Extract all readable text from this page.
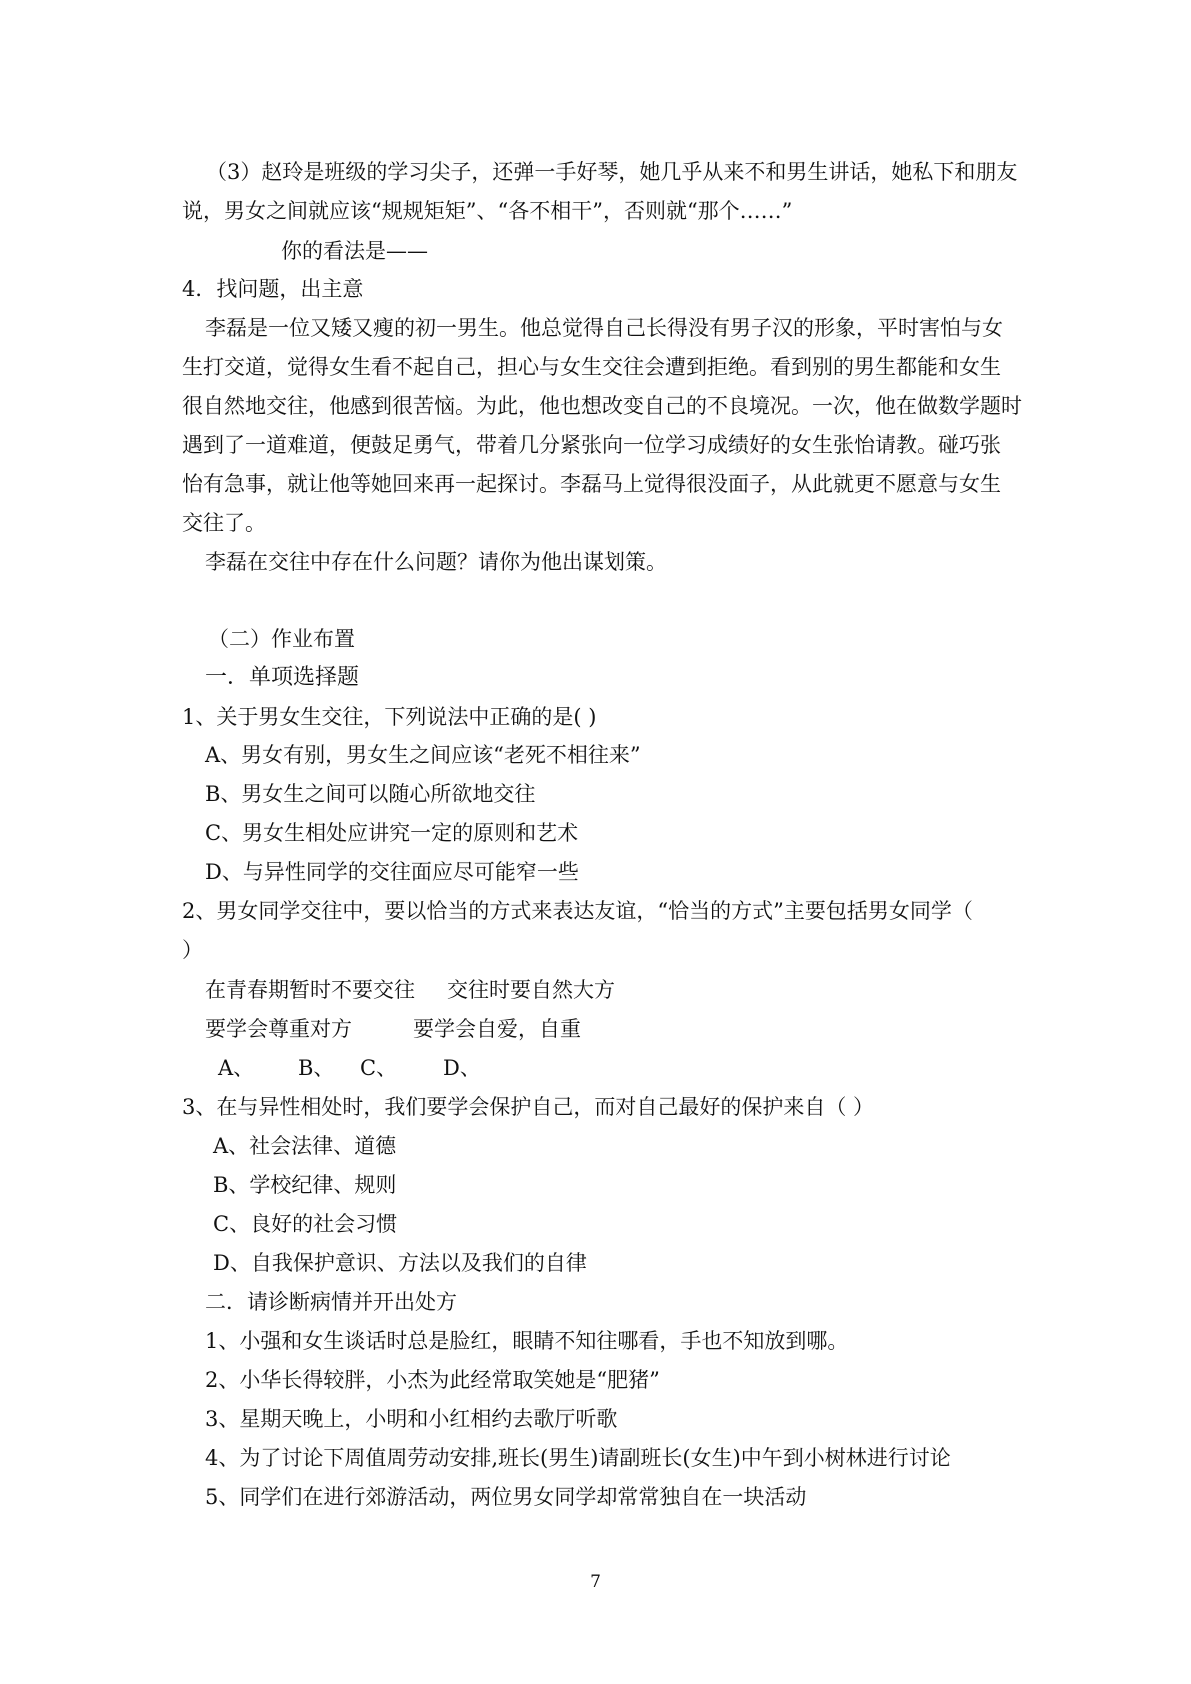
（3）赵玲是班级的学习尖子，还弹一手好琴，她几乎从来不和男生讲话，她私下和朋友
说，男女之间就应该“规规矩矩”、“各不相干”，否则就“那个……”
你的看法是——
4．找问题，出主意
李磊是一位又矮又瘦的初一男生。他总觉得自己长得没有男子汉的形象，平时害怕与女
生打交道，觉得女生看不起自己，担心与女生交往会遭到拒绝。看到别的男生都能和女生
很自然地交往，他感到很苦恼。为此，他也想改变自己的不良境况。一次，他在做数学题时
遇到了一道难道，便鼓足勇气，带着几分紧张向一位学习成绩好的女生张怡请教。碰巧张
怡有急事，就让他等她回来再一起探讨。李磊马上觉得很没面子，从此就更不愿意与女生
交往了。
李磊在交往中存在什么问题？请你为他出谋划策。
（二）作业布置
一．单项选择题
1、关于男女生交往，下列说法中正确的是( )
A、男女有别，男女生之间应该“老死不相往来”
B、男女生之间可以随心所欲地交往
C、男女生相处应讲究一定的原则和艺术
D、与异性同学的交往面应尽可能窄一些
2、男女同学交往中，要以恰当的方式来表达友谊，“恰当的方式”主要包括男女同学（
）
在青春期暂时不要交往 交往时要自然大方
要学会尊重对方	要学会自爱，自重
A、 B、 C、 D、
3、在与异性相处时，我们要学会保护自己，而对自己最好的保护来自（ ）
A、社会法律、道德
B、学校纪律、规则
C、良好的社会习惯
D、自我保护意识、方法以及我们的自律
二．请诊断病情并开出处方
1、小强和女生谈话时总是脸红，眼睛不知往哪看，手也不知放到哪。
2、小华长得较胖，小杰为此经常取笑她是“肥猪”
3、星期天晚上，小明和小红相约去歌厅听歌
4、为了讨论下周值周劳动安排,班长(男生)请副班长(女生)中午到小树林进行讨论
5、同学们在进行郊游活动，两位男女同学却常常独自在一块活动
7
